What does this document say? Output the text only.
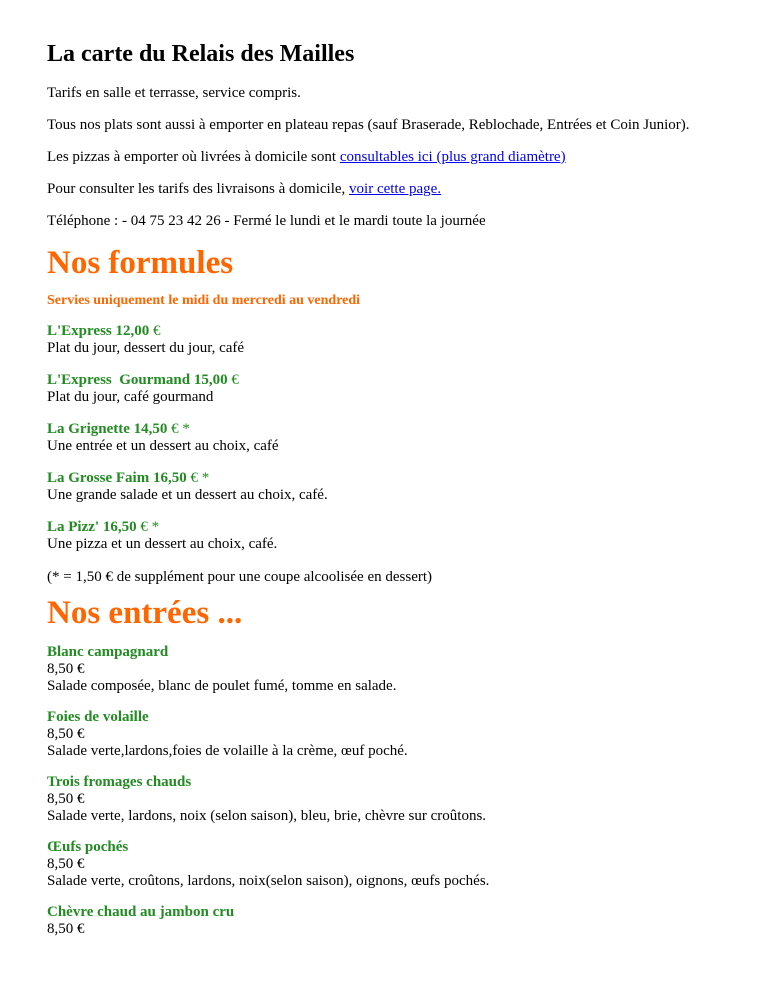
La carte du Relais des Mailles

Tarifs en salle et terrasse, service compris.

Tous nos plats sont aussi à emporter en plateau repas (sauf Braserade, Reblochade, Entrées et Coin Junior).

Les pizzas à emporter où livrées à domicile sont consultables ici (plus grand diamètre)

Pour consulter les tarifs des livraisons à domicile, voir cette page.

Téléphone : - 04 75 23 42 26 - Fermé le lundi et le mardi toute la journée

Nos formules

Servies uniquement le midi du mercredi au vendredi

L'Express 12,00 €
Plat du jour, dessert du jour, café
L'Express  Gourmand 15,00 €
Plat du jour, café gourmand
La Grignette 14,50 € *
Une entrée et un dessert au choix, café
La Grosse Faim 16,50 € *
Une grande salade et un dessert au choix, café.
La Pizz' 16,50 € *
Une pizza et un dessert au choix, café.

(* = 1,50 € de supplément pour une coupe alcoolisée en dessert)

Nos entrées ...
Blanc campagnard
8,50 €
Salade composée, blanc de poulet fumé, tomme en salade.
Foies de volaille
8,50 €
Salade verte,lardons,foies de volaille à la crème, œuf poché.
Trois fromages chauds
8,50 €
Salade verte, lardons, noix (selon saison), bleu, brie, chèvre sur croûtons.
Œufs pochés
8,50 €
Salade verte, croûtons, lardons, noix(selon saison), oignons, œufs pochés.
Chèvre chaud au jambon cru
8,50 €
